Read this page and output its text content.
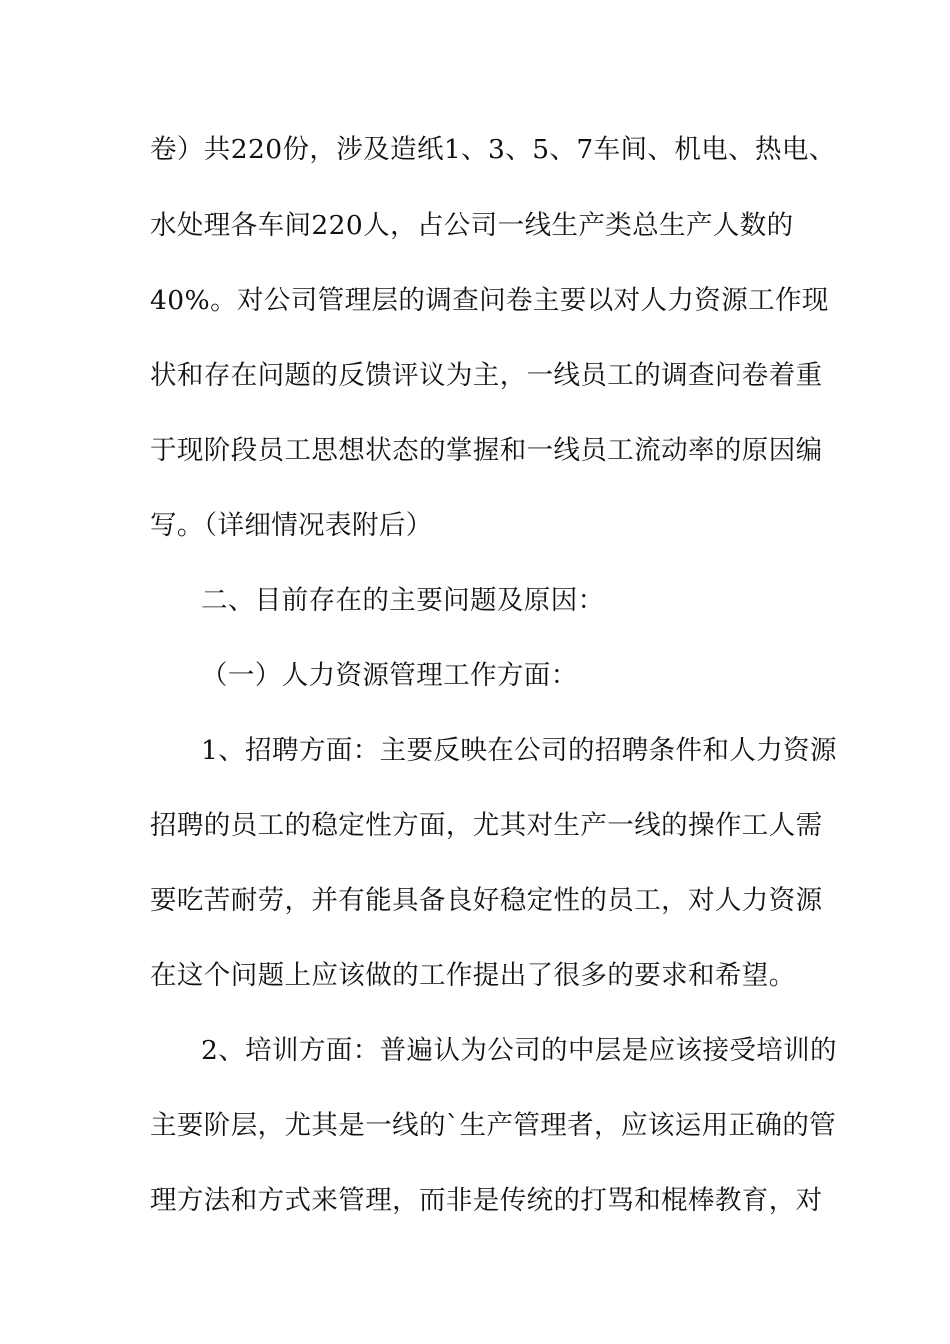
卷）共220份，涉及造纸1、3、5、7车间、机电、热电、
水处理各车间220人，占公司一线生产类总生产人数的
40%。对公司管理层的调查问卷主要以对人力资源工作现
状和存在问题的反馈评议为主，一线员工的调查问卷着重
于现阶段员工思想状态的掌握和一线员工流动率的原因编
写。（详细情况表附后）
二、目前存在的主要问题及原因：
（一）人力资源管理工作方面：
1、招聘方面：主要反映在公司的招聘条件和人力资源
招聘的员工的稳定性方面，尤其对生产一线的操作工人需
要吃苦耐劳，并有能具备良好稳定性的员工，对人力资源
在这个问题上应该做的工作提出了很多的要求和希望。
2、培训方面：普遍认为公司的中层是应该接受培训的
主要阶层，尤其是一线的`生产管理者，应该运用正确的管
理方法和方式来管理，而非是传统的打骂和棍棒教育，对
